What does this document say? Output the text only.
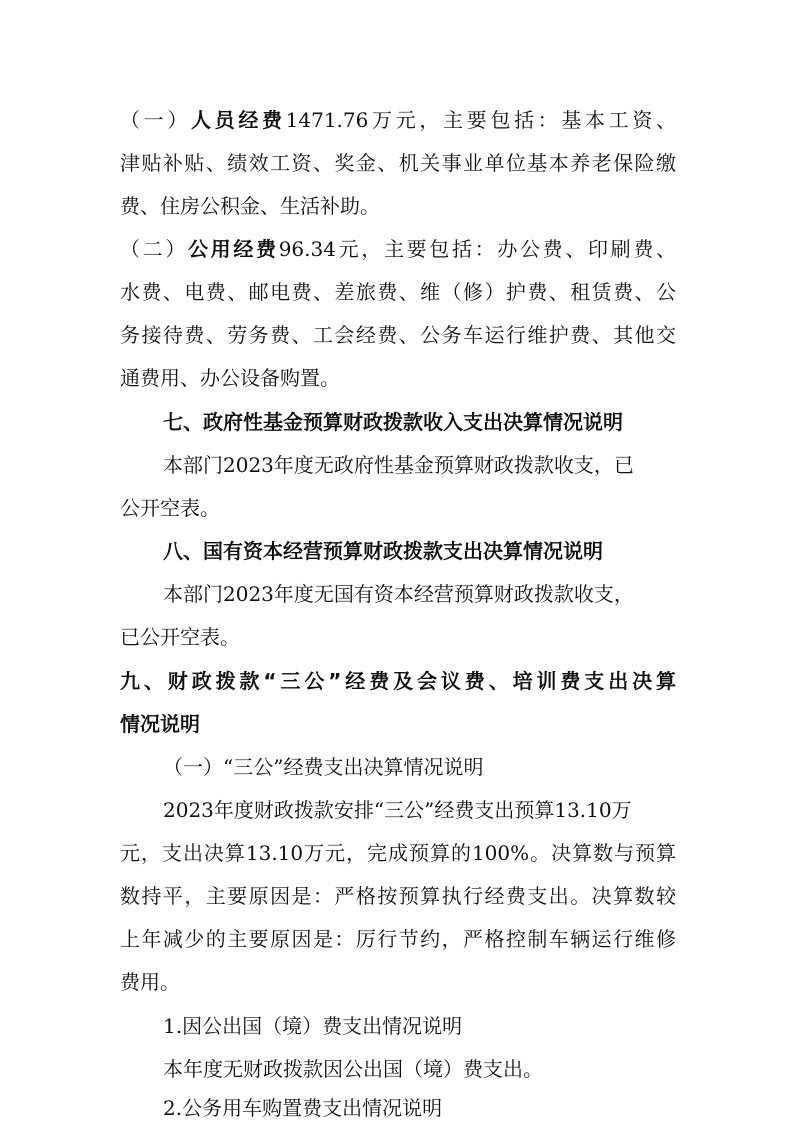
（一）人员经费1471.76万元，主要包括：基本工资、
津贴补贴、绩效工资、奖金、机关事业单位基本养老保险缴
费、住房公积金、生活补助。
（二）公用经费96.34元，主要包括：办公费、印刷费、
水费、电费、邮电费、差旅费、维（修）护费、租赁费、公
务接待费、劳务费、工会经费、公务车运行维护费、其他交
通费用、办公设备购置。
七、政府性基金预算财政拨款收入支出决算情况说明
本部门2023年度无政府性基金预算财政拨款收支，已
公开空表。
八、国有资本经营预算财政拨款支出决算情况说明
本部门2023年度无国有资本经营预算财政拨款收支，
已公开空表。
九、财政拨款“三公”经费及会议费、培训费支出决算
情况说明
（一）“三公”经费支出决算情况说明
2023年度财政拨款安排“三公”经费支出预算13.10万
元，支出决算13.10万元，完成预算的100%。决算数与预算
数持平，主要原因是：严格按预算执行经费支出。决算数较
上年减少的主要原因是：厉行节约，严格控制车辆运行维修
费用。
1.因公出国（境）费支出情况说明
本年度无财政拨款因公出国（境）费支出。
2.公务用车购置费支出情况说明
